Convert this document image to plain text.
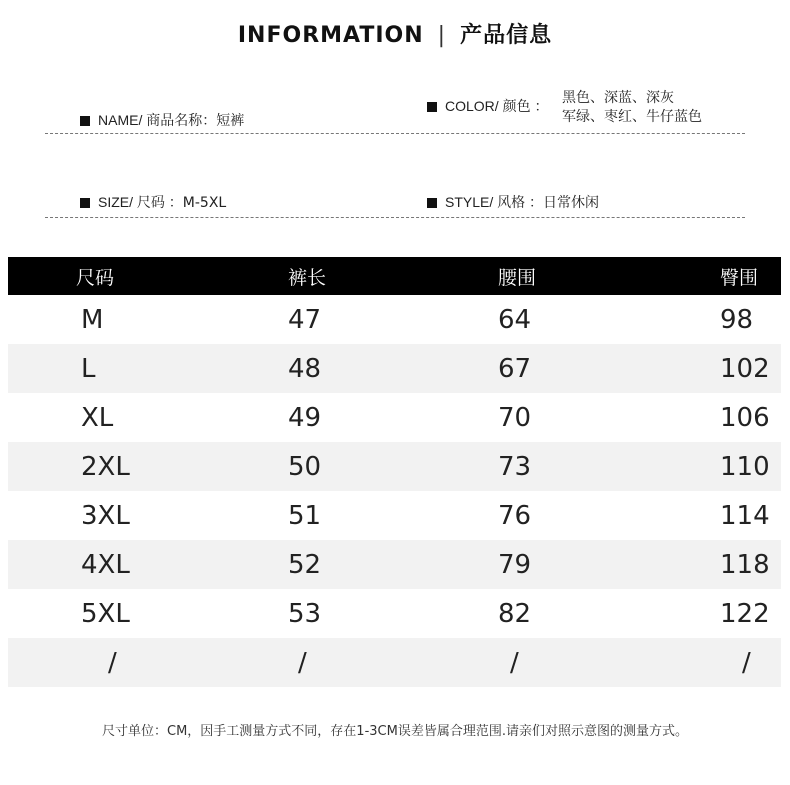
INFORMATION | 产品信息
NAME/ 商品名称：短裤
COLOR/ 颜色 ： 黑色、深蓝、深灰
军绿、枣红、牛仔蓝色
SIZE/ 尺码 ：M-5XL	STYLE/ 风格 ：日常休闲
尺码	裤长	腰围	臀围
M	47	64	98
L	48	67	102
XL	49	70	106
2XL	50	73	110
3XL	51	76	114
4XL	52	79	118
5XL	53	82	122
/	/	/	/
尺寸单位：CM，因手工测量方式不同，存在1-3CM误差皆属合理范围.请亲们对照示意图的测量方式。
